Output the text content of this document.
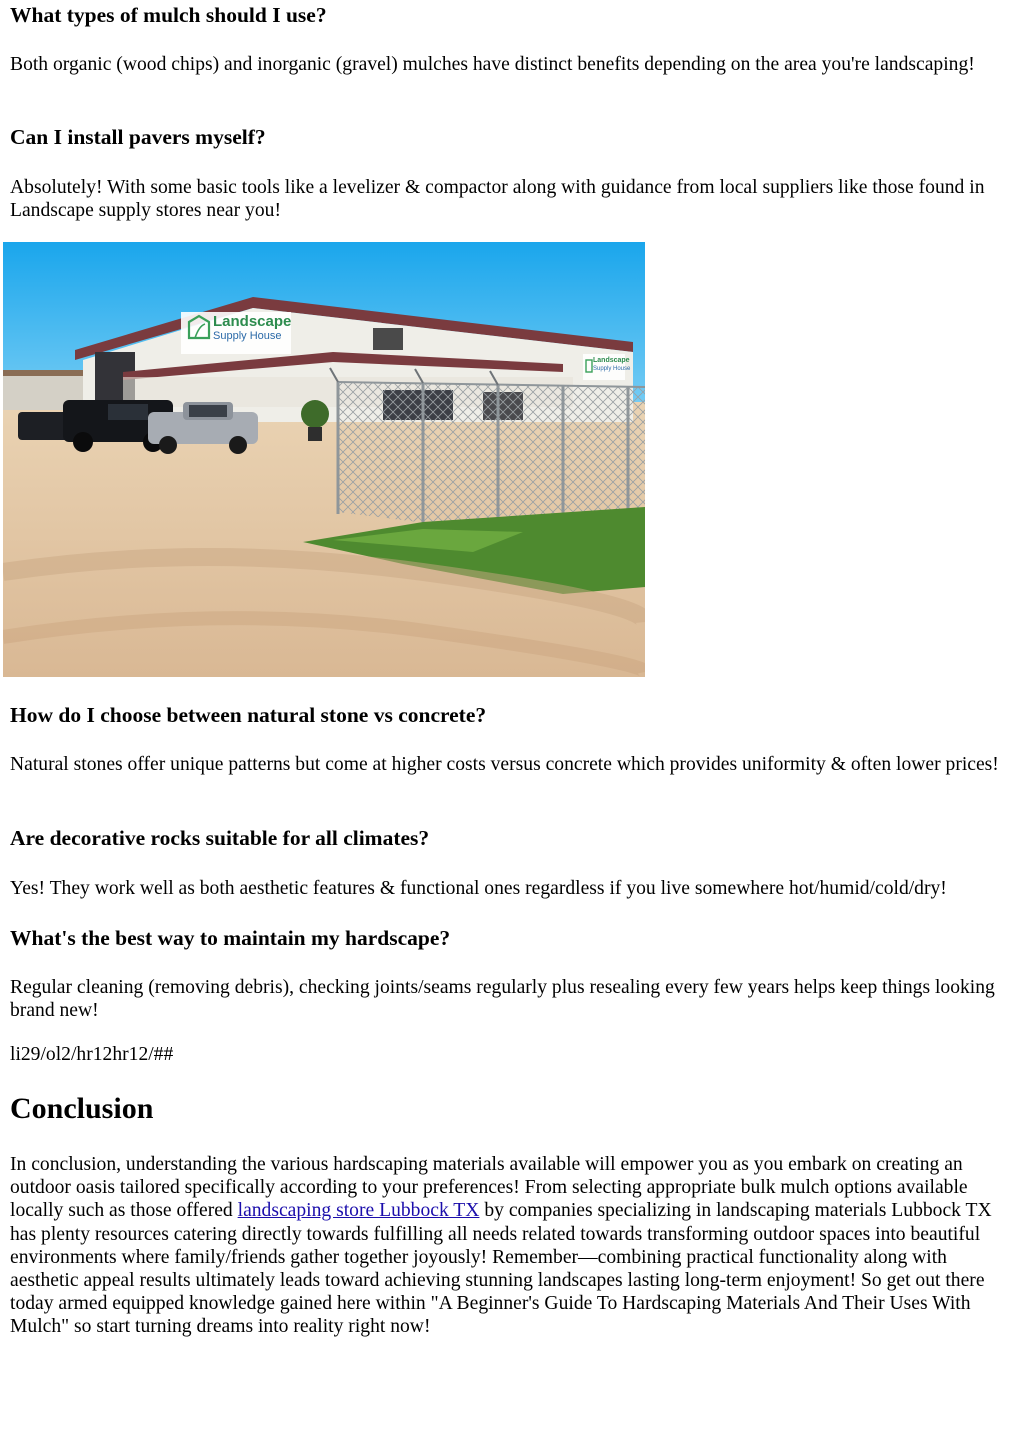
What types of mulch should I use?

Both organic (wood chips) and inorganic (gravel) mulches have distinct benefits depending on the area you're landscaping!

Can I install pavers myself?

Absolutely! With some basic tools like a levelizer & compactor along with guidance from local suppliers like those found in Landscape supply stores near you!

How do I choose between natural stone vs concrete?

Natural stones offer unique patterns but come at higher costs versus concrete which provides uniformity & often lower prices!

Are decorative rocks suitable for all climates?

Yes! They work well as both aesthetic features & functional ones regardless if you live somewhere hot/humid/cold/dry!

What's the best way to maintain my hardscape?

Regular cleaning (removing debris), checking joints/seams regularly plus resealing every few years helps keep things looking brand new!

li29/ol2/hr12hr12/##

Conclusion

In conclusion, understanding the various hardscaping materials available will empower you as you embark on creating an outdoor oasis tailored specifically according to your preferences! From selecting appropriate bulk mulch options available locally such as those offered landscaping store Lubbock TX by companies specializing in landscaping materials Lubbock TX has plenty resources catering directly towards fulfilling all needs related towards transforming outdoor spaces into beautiful environments where family/friends gather together joyously! Remember—combining practical functionality along with aesthetic appeal results ultimately leads toward achieving stunning landscapes lasting long-term enjoyment! So get out there today armed equipped knowledge gained here within "A Beginner's Guide To Hardscaping Materials And Their Uses With Mulch" so start turning dreams into reality right now!

Landscape
Supply House
Landscape
Supply House
